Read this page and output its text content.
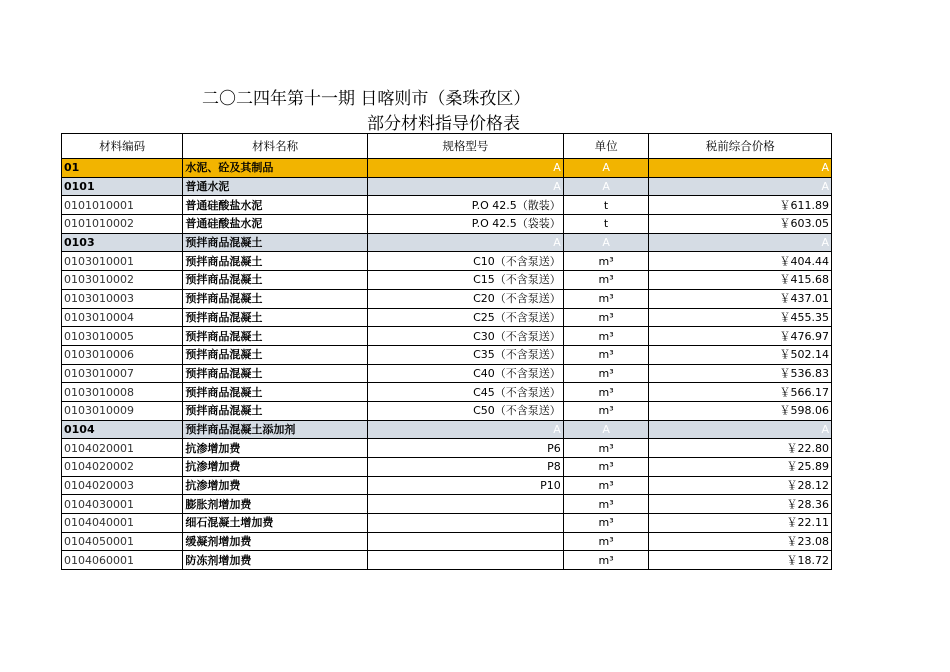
二〇二四年第十一期 日喀则市（桑珠孜区）
部分材料指导价格表
材料编码	材料名称	规格型号	单位	税前综合价格
01	水泥、砼及其制品	A	A	A
0101	普通水泥	A	A	A
0101010001	普通硅酸盐水泥	P.O 42.5（散装）	t	￥611.89
0101010002	普通硅酸盐水泥	P.O 42.5（袋装）	t	￥603.05
0103	预拌商品混凝土	A	A	A
0103010001	预拌商品混凝土	C10（不含泵送）	m³	￥404.44
0103010002	预拌商品混凝土	C15（不含泵送）	m³	￥415.68
0103010003	预拌商品混凝土	C20（不含泵送）	m³	￥437.01
0103010004	预拌商品混凝土	C25（不含泵送）	m³	￥455.35
0103010005	预拌商品混凝土	C30（不含泵送）	m³	￥476.97
0103010006	预拌商品混凝土	C35（不含泵送）	m³	￥502.14
0103010007	预拌商品混凝土	C40（不含泵送）	m³	￥536.83
0103010008	预拌商品混凝土	C45（不含泵送）	m³	￥566.17
0103010009	预拌商品混凝土	C50（不含泵送）	m³	￥598.06
0104	预拌商品混凝土添加剂	A	A	A
0104020001	抗渗增加费	P6	m³	￥22.80
0104020002	抗渗增加费	P8	m³	￥25.89
0104020003	抗渗增加费	P10	m³	￥28.12
0104030001	膨胀剂增加费		m³	￥28.36
0104040001	细石混凝土增加费		m³	￥22.11
0104050001	缓凝剂增加费		m³	￥23.08
0104060001	防冻剂增加费		m³	￥18.72
